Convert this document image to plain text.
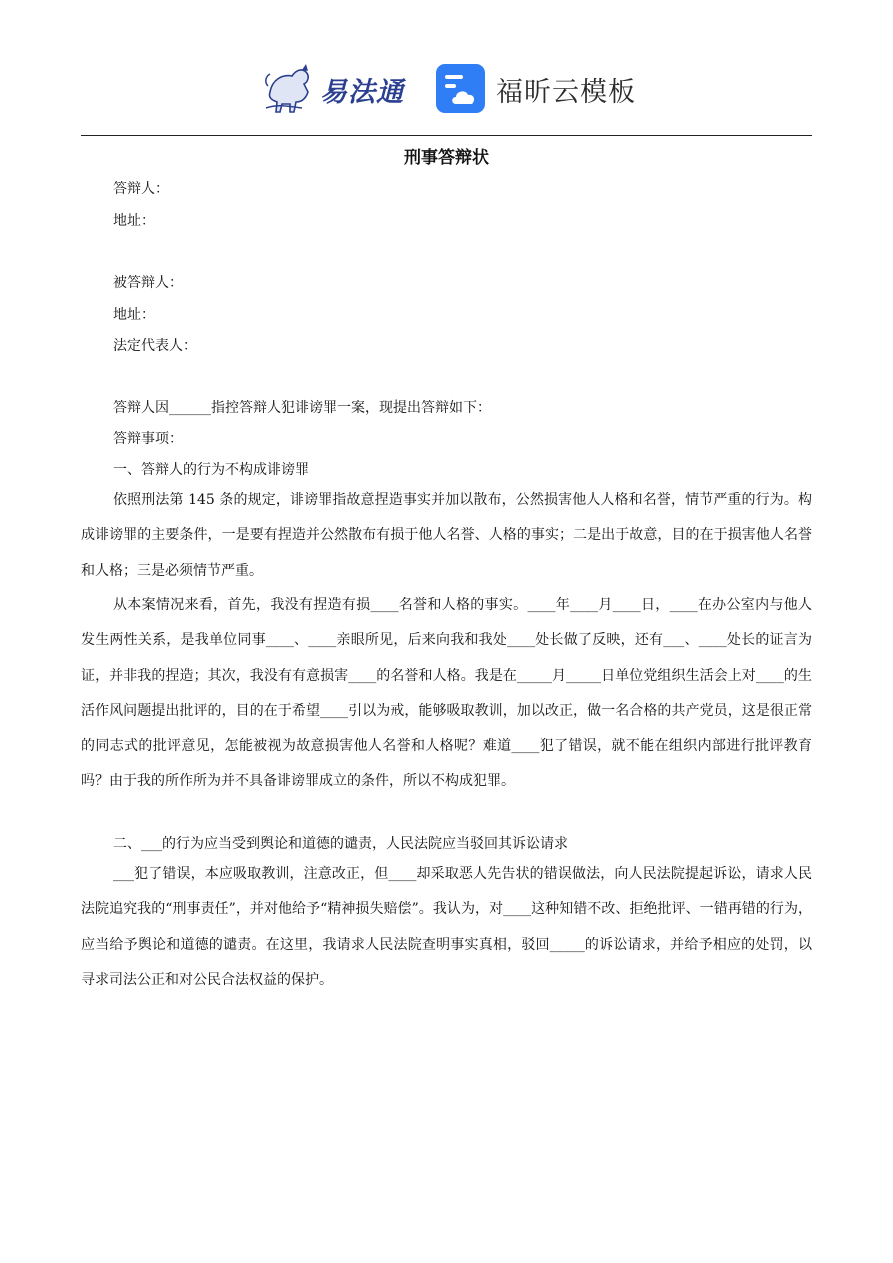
易法通	福昕云模板
刑事答辩状
答辩人：
地址：
被答辩人：
地址：
法定代表人：
答辩人因______指控答辩人犯诽谤罪一案，现提出答辩如下：
答辩事项：
一、答辩人的行为不构成诽谤罪

依照刑法第 145 条的规定，诽谤罪指故意捏造事实并加以散布，公然损害他人人格和名誉，情节严重的行为。构成诽谤罪的主要条件，一是要有捏造并公然散布有损于他人名誉、人格的事实；二是出于故意，目的在于损害他人名誉和人格；三是必须情节严重。

从本案情况来看，首先，我没有捏造有损____名誉和人格的事实。____年____月____日，____在办公室内与他人发生两性关系，是我单位同事____、____亲眼所见，后来向我和我处____处长做了反映，还有___、____处长的证言为证，并非我的捏造；其次，我没有有意损害____的名誉和人格。我是在_____月_____日单位党组织生活会上对____的生活作风问题提出批评的，目的在于希望____引以为戒，能够吸取教训，加以改正，做一名合格的共产党员，这是很正常的同志式的批评意见，怎能被视为故意损害他人名誉和人格呢？难道____犯了错误，就不能在组织内部进行批评教育吗？由于我的所作所为并不具备诽谤罪成立的条件，所以不构成犯罪。

二、___的行为应当受到舆论和道德的谴责，人民法院应当驳回其诉讼请求

___犯了错误，本应吸取教训，注意改正，但____却采取恶人先告状的错误做法，向人民法院提起诉讼，请求人民法院追究我的“刑事责任”，并对他给予“精神损失赔偿”。我认为，对____这种知错不改、拒绝批评、一错再错的行为，应当给予舆论和道德的谴责。在这里，我请求人民法院查明事实真相，驳回_____的诉讼请求，并给予相应的处罚，以寻求司法公正和对公民合法权益的保护。
